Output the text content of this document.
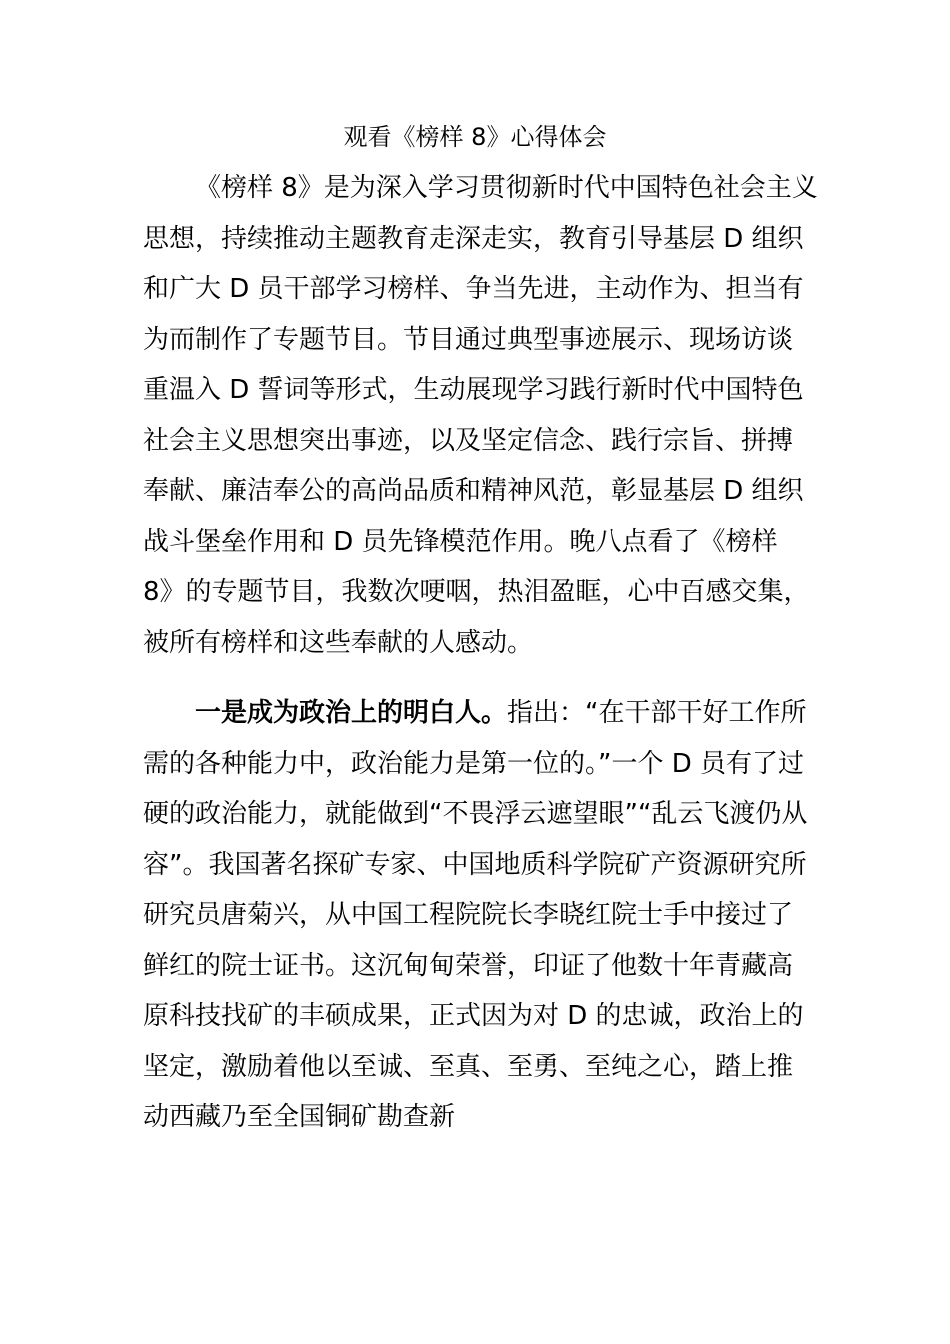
观看《榜样 8》心得体会
《榜样 8》是为深入学习贯彻新时代中国特色社会主义
思想，持续推动主题教育走深走实，教育引导基层 D 组织
和广大 D 员干部学习榜样、争当先进，主动作为、担当有
为而制作了专题节目。节目通过典型事迹展示、现场访谈
重温入 D 誓词等形式，生动展现学习践行新时代中国特色
社会主义思想突出事迹，以及坚定信念、践行宗旨、拼搏
奉献、廉洁奉公的高尚品质和精神风范，彰显基层 D 组织
战斗堡垒作用和 D 员先锋模范作用。晚八点看了《榜样
8》的专题节目，我数次哽咽，热泪盈眶，心中百感交集，
被所有榜样和这些奉献的人感动。
一是成为政治上的明白人。指出：“在干部干好工作所
需的各种能力中，政治能力是第一位的。”一个 D 员有了过
硬的政治能力，就能做到“不畏浮云遮望眼”“乱云飞渡仍从
容”。我国著名探矿专家、中国地质科学院矿产资源研究所
研究员唐菊兴，从中国工程院院长李晓红院士手中接过了
鲜红的院士证书。这沉甸甸荣誉，印证了他数十年青藏高
原科技找矿的丰硕成果，正式因为对 D 的忠诚，政治上的
坚定，激励着他以至诚、至真、至勇、至纯之心，踏上推
动西藏乃至全国铜矿勘查新
